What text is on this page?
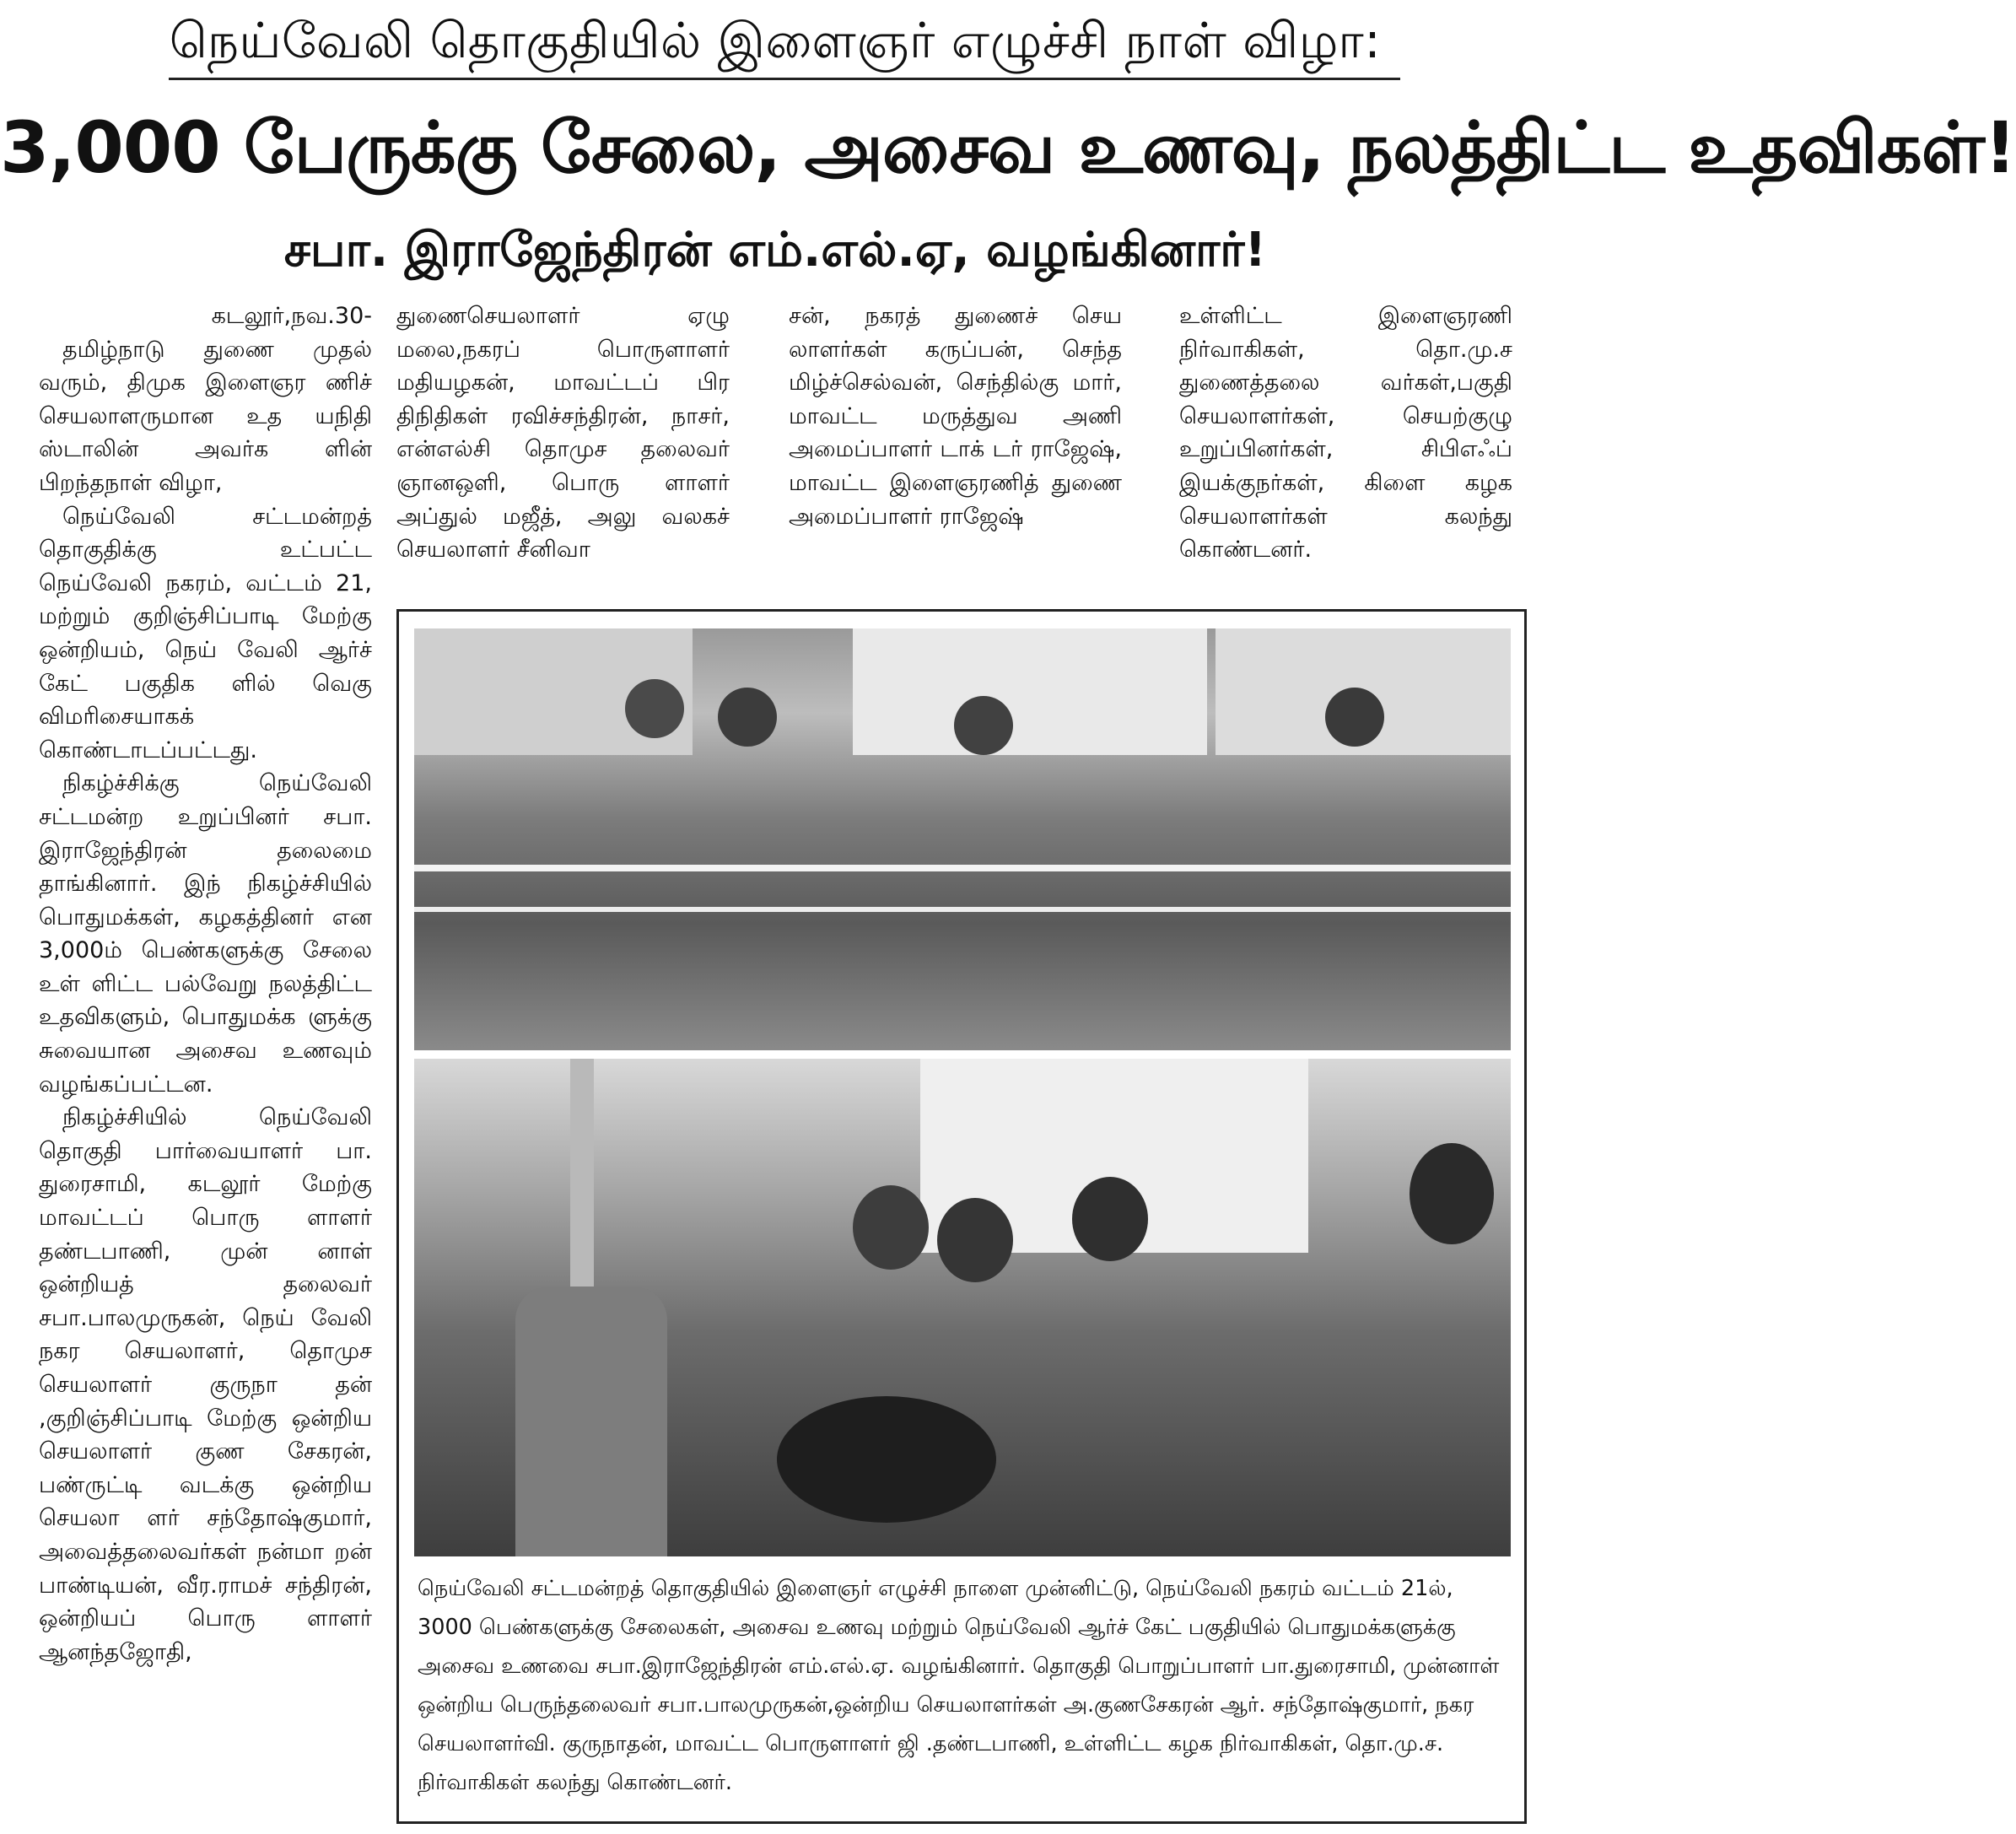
நெய்வேலி தொகுதியில் இளைஞர் எழுச்சி நாள் விழா:
3,000 பேருக்கு சேலை, அசைவ உணவு, நலத்திட்ட உதவிகள்!
சபா. இராஜேந்திரன் எம்.எல்.ஏ, வழங்கினார்!

கடலூர்,நவ.30-

தமிழ்நாடு துணை முதல் வரும், திமுக இளைஞர ணிச் செயலாளருமான உத யநிதி ஸ்டாலின் அவர்க ளின் பிறந்தநாள் விழா,

நெய்வேலி சட்டமன்றத் தொகுதிக்கு உட்பட்ட நெய்வேலி நகரம், வட்டம் 21, மற்றும் குறிஞ்சிப்பாடி மேற்கு ஒன்றியம், நெய் வேலி ஆர்ச் கேட் பகுதிக ளில் வெகு விமரிசையாகக் கொண்டாடப்பட்டது.

நிகழ்ச்சிக்கு நெய்வேலி சட்டமன்ற உறுப்பினர் சபா. இராஜேந்திரன் தலைமை தாங்கினார். இந் நிகழ்ச்சியில் பொதுமக்கள், கழகத்தினர் என 3,000ம் பெண்களுக்கு சேலை உள் ளிட்ட பல்வேறு நலத்திட்ட உதவிகளும், பொதுமக்க ளுக்கு சுவையான அசைவ உணவும் வழங்கப்பட்டன.

நிகழ்ச்சியில் நெய்வேலி தொகுதி பார்வையாளர் பா. துரைசாமி, கடலூர் மேற்கு மாவட்டப் பொரு ளாளர் தண்டபாணி, முன் னாள் ஒன்றியத் தலைவர் சபா.பாலமுருகன், நெய் வேலி நகர செயலாளர், தொமுச செயலாளர் குருநா தன் ,குறிஞ்சிப்பாடி மேற்கு ஒன்றிய செயலாளர் குண சேகரன், பண்ருட்டி வடக்கு ஒன்றிய செயலா ளர் சந்தோஷ்குமார், அவைத்தலைவர்கள் நன்மா றன் பாண்டியன், வீர.ராமச் சந்திரன், ஒன்றியப் பொரு ளாளர் ஆனந்தஜோதி,

துணைசெயலாளர் ஏழு மலை,நகரப் பொருளாளர் மதியழகன், மாவட்டப் பிர திநிதிகள் ரவிச்சந்திரன், நாசர், என்எல்சி தொமுச தலைவர் ஞானஒளி, பொரு ளாளர் அப்துல் மஜீத், அலு வலகச் செயலாளர் சீனிவா

சன், நகரத் துணைச் செய லாளர்கள் கருப்பன், செந்த மிழ்ச்செல்வன், செந்தில்கு மார், மாவட்ட மருத்துவ அணி அமைப்பாளர் டாக் டர் ராஜேஷ், மாவட்ட இளைஞரணித் துணை அமைப்பாளர் ராஜேஷ்

உள்ளிட்ட இளைஞரணி நிர்வாகிகள், தொ.மு.ச துணைத்தலை வர்கள்,பகுதி செயலாளர்கள், செயற்குழு உறுப்பினர்கள், சிபிஎஃப் இயக்குநர்கள், கிளை கழக செயலாளர்கள் கலந்து கொண்டனர்.

நெய்வேலி சட்டமன்றத் தொகுதியில் இளைஞர் எழுச்சி நாளை முன்னிட்டு, நெய்வேலி நகரம் வட்டம் 21ல், 3000 பெண்களுக்கு சேலைகள், அசைவ உணவு மற்றும் நெய்வேலி ஆர்ச் கேட் பகுதியில் பொதுமக்களுக்கு அசைவ உணவை சபா.இராஜேந்திரன் எம்.எல்.ஏ. வழங்கினார். தொகுதி பொறுப்பாளர் பா.துரைசாமி, முன்னாள் ஒன்றிய பெருந்தலைவர் சபா.பாலமுருகன்,ஒன்றிய செயலாளர்கள் அ.குணசேகரன் ஆர். சந்தோஷ்குமார், நகர செயலாளர்வி. குருநாதன், மாவட்ட பொருளாளர் ஜி .தண்டபாணி, உள்ளிட்ட கழக நிர்வாகிகள், தொ.மு.ச. நிர்வாகிகள் கலந்து கொண்டனர்.
